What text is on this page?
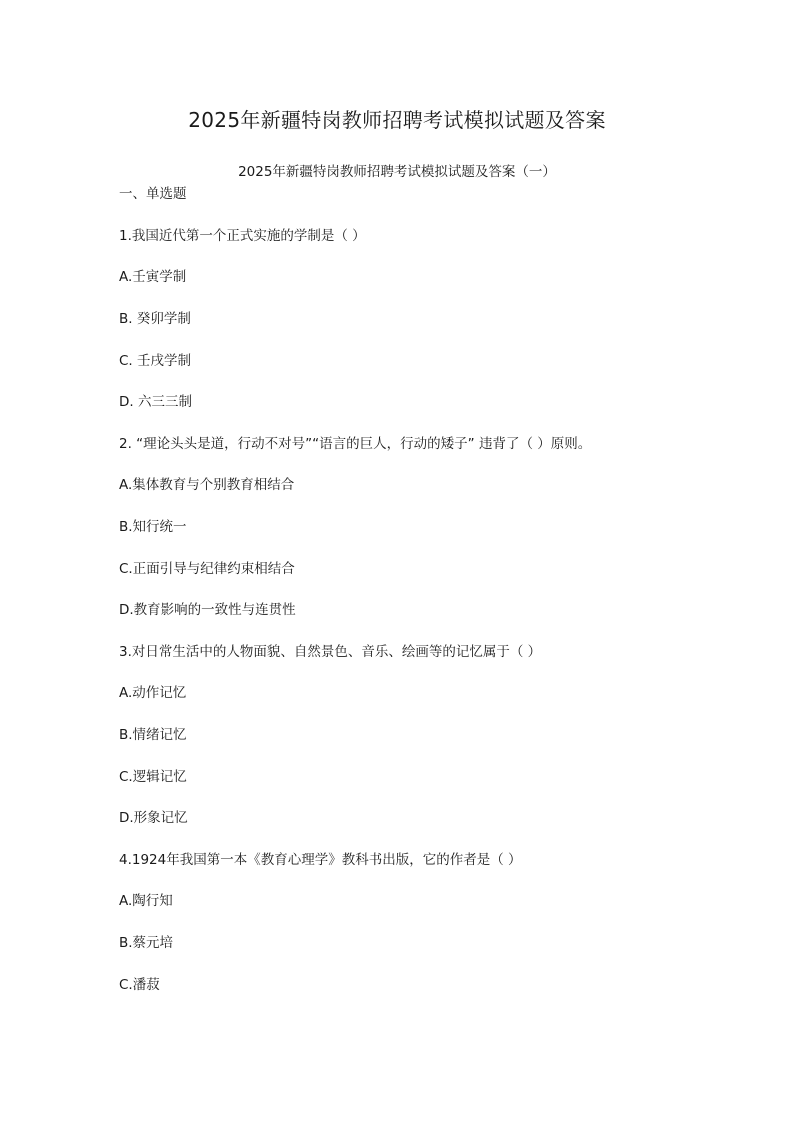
2025年新疆特岗教师招聘考试模拟试题及答案
2025年新疆特岗教师招聘考试模拟试题及答案（一）
一、单选题
1.我国近代第一个正式实施的学制是（ ）
A.壬寅学制
B. 癸卯学制
C. 壬戌学制
D. 六三三制
2. “理论头头是道，行动不对号”“语言的巨人，行动的矮子” 违背了（ ）原则。
A.集体教育与个别教育相结合
B.知行统一
C.正面引导与纪律约束相结合
D.教育影响的一致性与连贯性
3.对日常生活中的人物面貌、自然景色、音乐、绘画等的记忆属于（ ）
A.动作记忆
B.情绪记忆
C.逻辑记忆
D.形象记忆
4.1924年我国第一本《教育心理学》教科书出版，它的作者是（ ）
A.陶行知
B.蔡元培
C.潘菽
